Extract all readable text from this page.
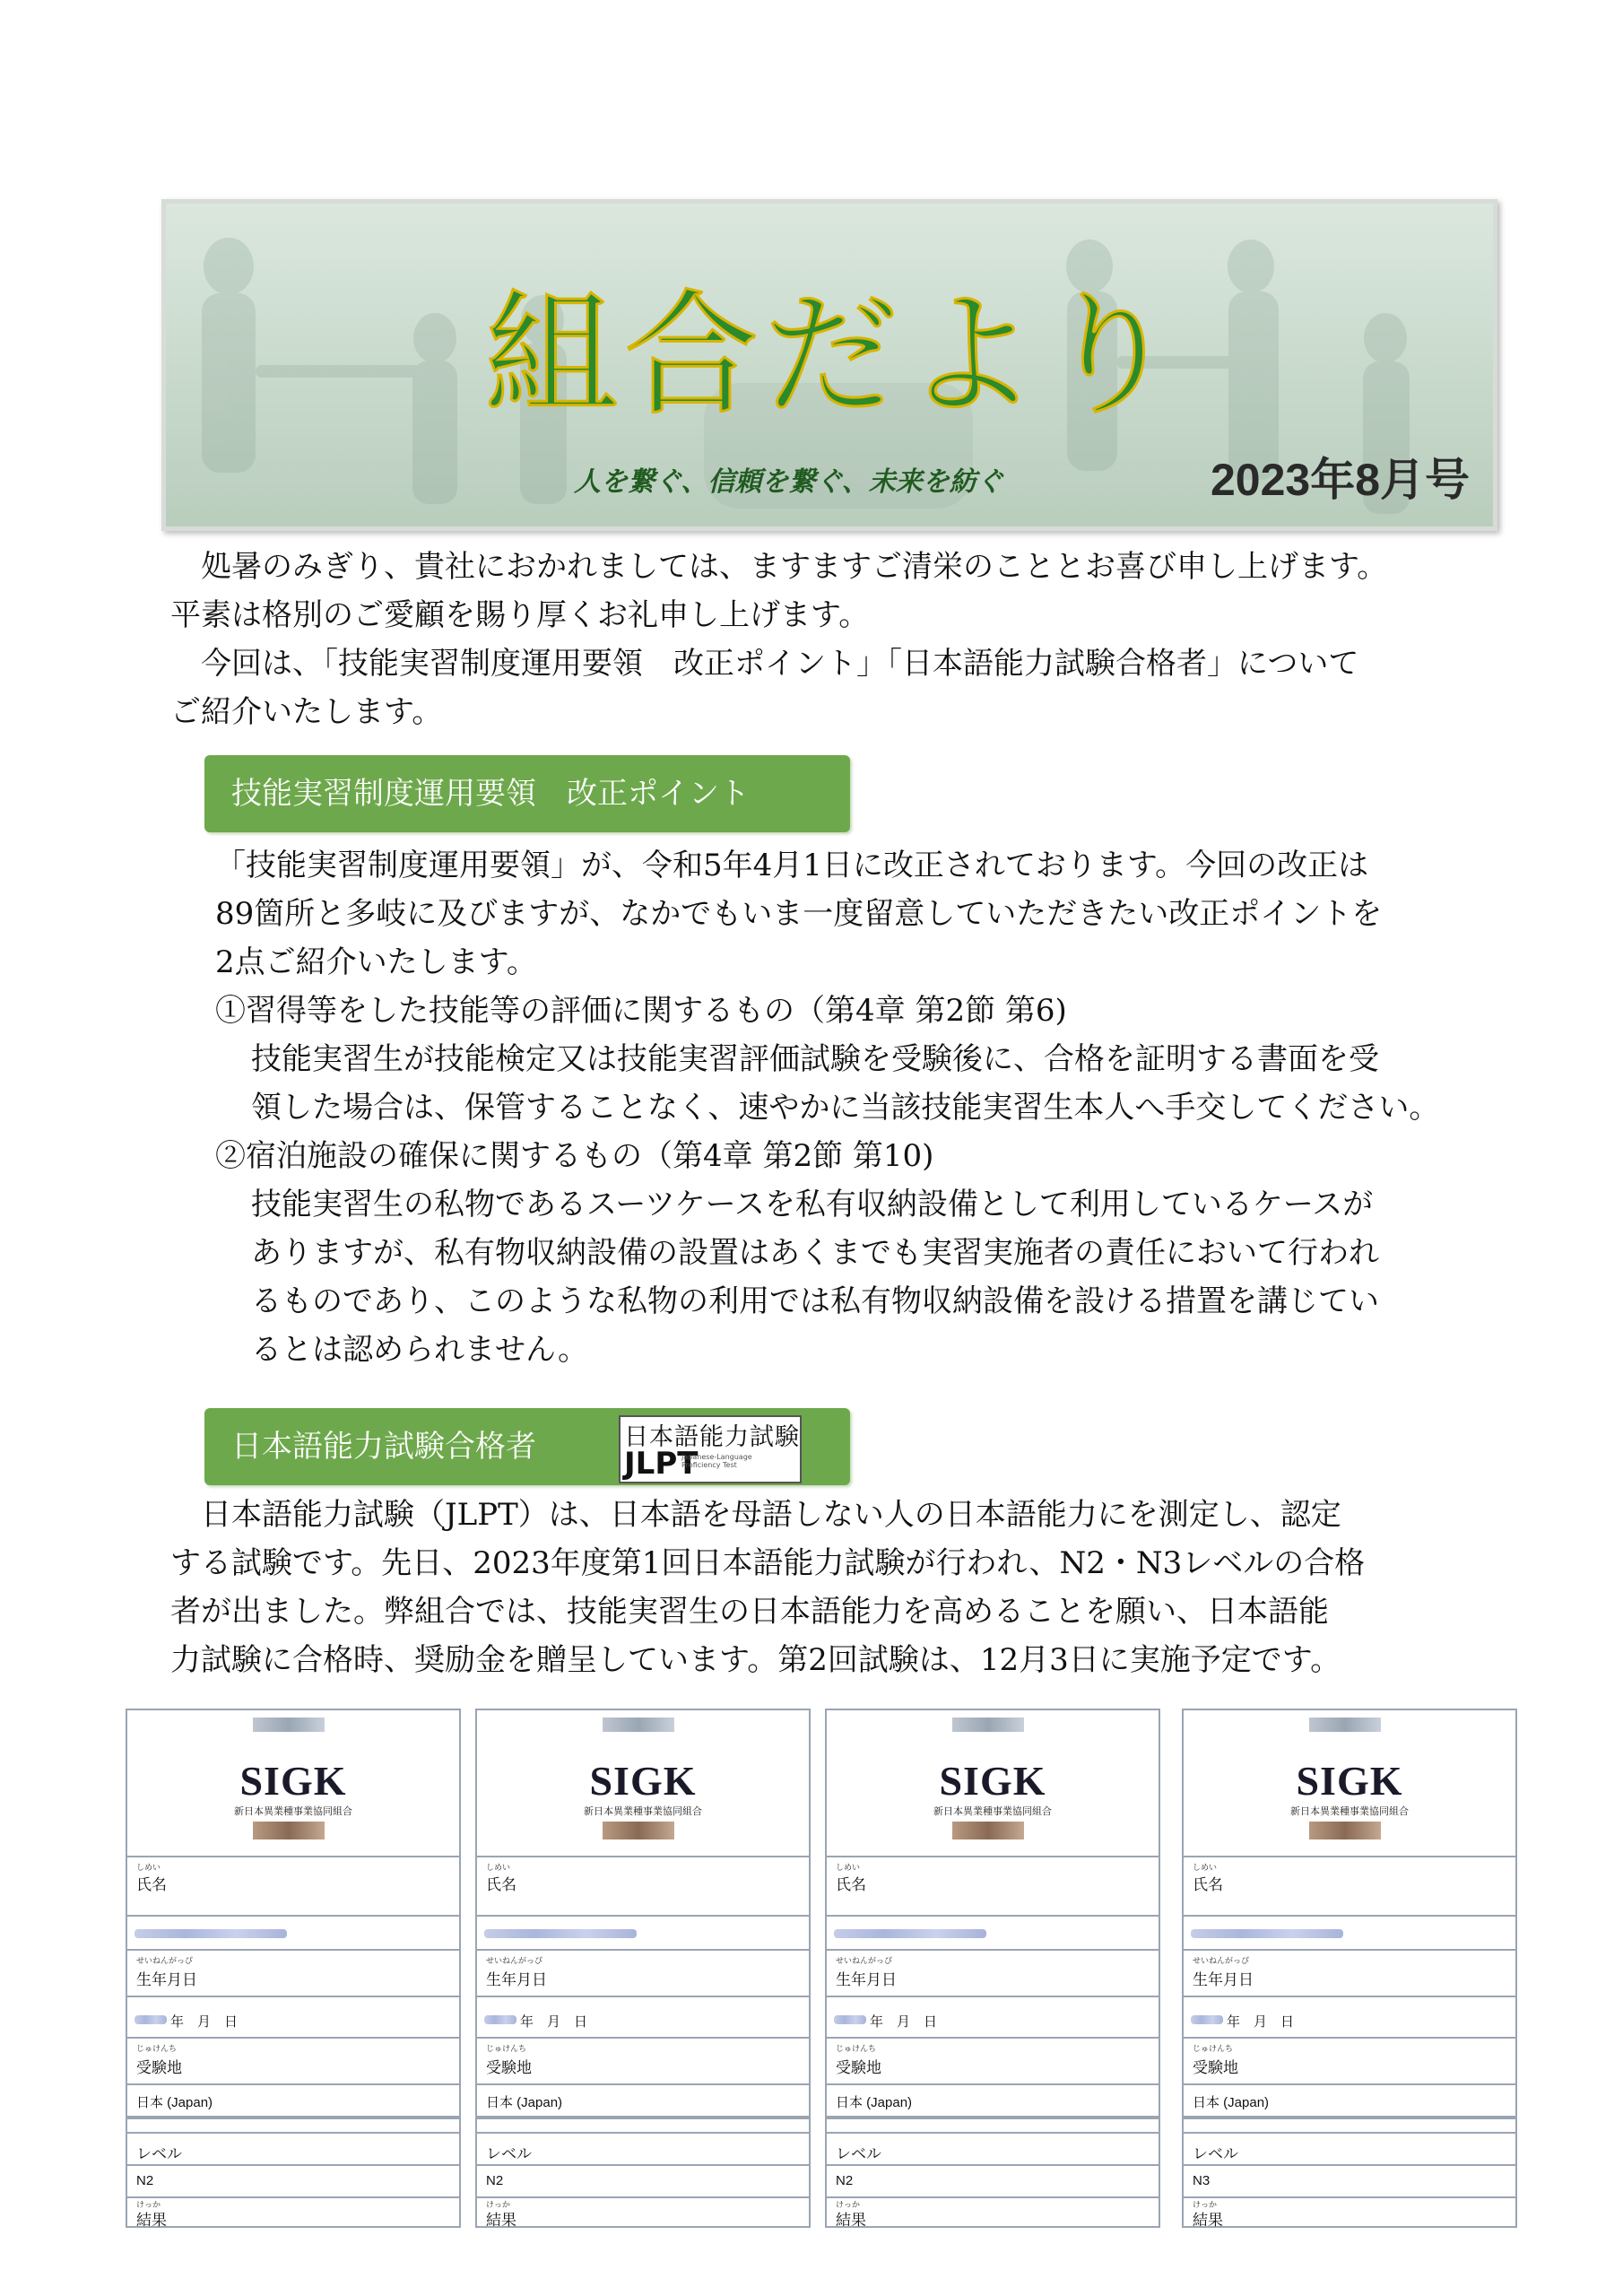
組合だより
人を繋ぐ、信頼を繋ぐ、未来を紡ぐ	2023年8月号
　処暑のみぎり、貴社におかれましては、ますますご清栄のこととお喜び申し上げます。
平素は格別のご愛顧を賜り厚くお礼申し上げます。
　今回は、「技能実習制度運用要領　改正ポイント」「日本語能力試験合格者」について
ご紹介いたします。
技能実習制度運用要領　改正ポイント
「技能実習制度運用要領」が、令和5年4月1日に改正されております。今回の改正は
89箇所と多岐に及びますが、なかでもいま一度留意していただきたい改正ポイントを
2点ご紹介いたします。
①習得等をした技能等の評価に関するもの（第4章 第2節 第6)
技能実習生が技能検定又は技能実習評価試験を受験後に、合格を証明する書面を受
領した場合は、保管することなく、速やかに当該技能実習生本人へ手交してください。
②宿泊施設の確保に関するもの（第4章 第2節 第10)
技能実習生の私物であるスーツケースを私有収納設備として利用しているケースが
ありますが、私有物収納設備の設置はあくまでも実習実施者の責任において行われ
るものであり、このような私物の利用では私有物収納設備を設ける措置を講じてい
るとは認められません。
日本語能力試験合格者	日本語能力試験
JLPT
Japanese-Language Proficiency Test
　日本語能力試験（JLPT）は、日本語を母語しない人の日本語能力にを測定し、認定
する試験です。先日、2023年度第1回日本語能力試験が行われ、N2・N3レベルの合格
者が出ました。弊組合では、技能実習生の日本語能力を高めることを願い、日本語能
力試験に合格時、奨励金を贈呈しています。第2回試験は、12月3日に実施予定です。
SIGK
新日本異業種事業協同組合
しめい
氏名
せいねんがっぴ
生年月日
年　月　日
じゅけんち
受験地
日本 (Japan)
レベル
N2
けっか
結果
SIGK
新日本異業種事業協同組合
しめい
氏名
せいねんがっぴ
生年月日
年　月　日
じゅけんち
受験地
日本 (Japan)
レベル
N2
けっか
結果
SIGK
新日本異業種事業協同組合
しめい
氏名
せいねんがっぴ
生年月日
年　月　日
じゅけんち
受験地
日本 (Japan)
レベル
N2
けっか
結果
SIGK
新日本異業種事業協同組合
しめい
氏名
せいねんがっぴ
生年月日
年　月　日
じゅけんち
受験地
日本 (Japan)
レベル
N3
けっか
結果
